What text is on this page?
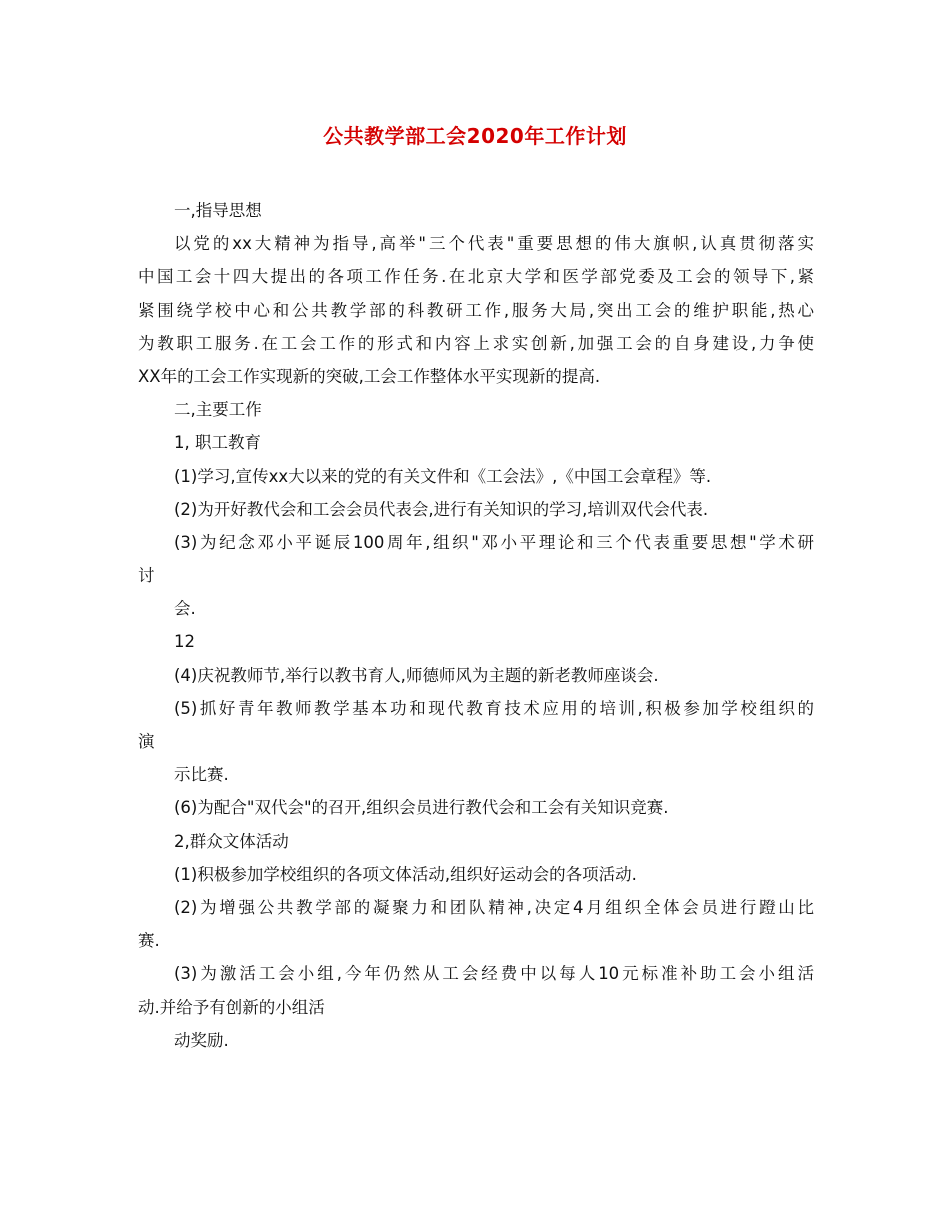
公共教学部工会2020年工作计划
一,指导思想
以党的xx大精神为指导,高举"三个代表"重要思想的伟大旗帜,认真贯彻落实
中国工会十四大提出的各项工作任务.在北京大学和医学部党委及工会的领导下,紧
紧围绕学校中心和公共教学部的科教研工作,服务大局,突出工会的维护职能,热心
为教职工服务.在工会工作的形式和内容上求实创新,加强工会的自身建设,力争使
XX年的工会工作实现新的突破,工会工作整体水平实现新的提高.
二,主要工作
1, 职工教育
(1)学习,宣传xx大以来的党的有关文件和《工会法》,《中国工会章程》等.
(2)为开好教代会和工会会员代表会,进行有关知识的学习,培训双代会代表.
(3)为纪念邓小平诞辰100周年,组织"邓小平理论和三个代表重要思想"学术研
讨
会.
12
(4)庆祝教师节,举行以教书育人,师德师风为主题的新老教师座谈会.
(5)抓好青年教师教学基本功和现代教育技术应用的培训,积极参加学校组织的
演
示比赛.
(6)为配合"双代会"的召开,组织会员进行教代会和工会有关知识竞赛.
2,群众文体活动
(1)积极参加学校组织的各项文体活动,组织好运动会的各项活动.
(2)为增强公共教学部的凝聚力和团队精神,决定4月组织全体会员进行蹬山比
赛.
(3)为激活工会小组,今年仍然从工会经费中以每人10元标准补助工会小组活
动.并给予有创新的小组活
动奖励.
